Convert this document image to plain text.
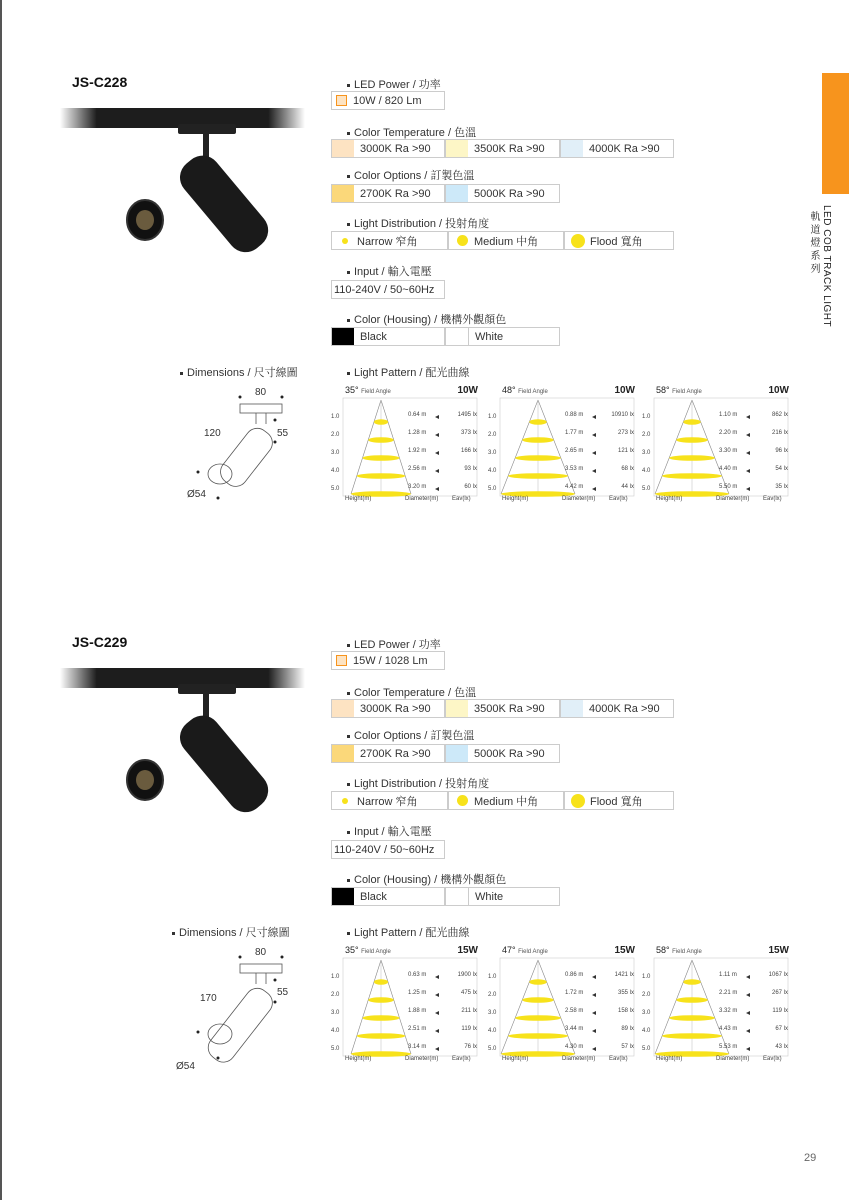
LED COB TRACK LIGHT
軌道燈系列
29
JS-C228	LED Power / 功率
10W / 820 Lm
Color Temperature / 色溫
3000K Ra >90	3500K Ra >90	4000K Ra >90
Color Options / 訂製色溫
2700K Ra >90	5000K Ra >90
Light Distribution / 投射角度
Narrow 窄角	Medium 中角	Flood 寬角
Input / 輸入電壓
110-240V / 50~60Hz
Color (Housing) / 機構外觀顏色
Black	White
Dimensions / 尺寸線圖
80
120	55
Ø54
Light Pattern / 配光曲線
35° Field Angle	10W
1.0	0.64 m	1495 lx
2.0	1.28 m	373 lx
3.0	1.92 m	166 lx
4.0	2.56 m	93 lx
5.0	3.20 m	60 lx
Height(m)	Diameter(m) Eav(lx)
48° Field Angle	10W
1.0	0.88 m	10910 lx
2.0	1.77 m	273 lx
3.0	2.65 m	121 lx
4.0	3.53 m	68 lx
5.0	4.42 m	44 lx
Height(m)	Diameter(m) Eav(lx)
58° Field Angle	10W
1.0	1.10 m	862 lx
2.0	2.20 m	216 lx
3.0	3.30 m	96 lx
4.0	4.40 m	54 lx
5.0	5.50 m	35 lx
Height(m)	Diameter(m) Eav(lx)
JS-C229	LED Power / 功率
15W / 1028 Lm
Color Temperature / 色溫
3000K Ra >90	3500K Ra >90	4000K Ra >90
Color Options / 訂製色溫
2700K Ra >90	5000K Ra >90
Light Distribution / 投射角度
Narrow 窄角	Medium 中角	Flood 寬角
Input / 輸入電壓
110-240V / 50~60Hz
Color (Housing) / 機構外觀顏色
Black	White
Dimensions / 尺寸線圖
80
170
55
Ø54
Light Pattern / 配光曲線
35° Field Angle	15W
1.0	0.63 m	1900 lx
2.0	1.25 m	475 lx
3.0	1.88 m	211 lx
4.0	2.51 m	119 lx
5.0	3.14 m	76 lx
Height(m)	Diameter(m) Eav(lx)
47° Field Angle	15W
1.0	0.86 m	1421 lx
2.0	1.72 m	355 lx
3.0	2.58 m	158 lx
4.0	3.44 m	89 lx
5.0	4.30 m	57 lx
Height(m)	Diameter(m) Eav(lx)
58° Field Angle	15W
1.0	1.11 m	1067 lx
2.0	2.21 m	267 lx
3.0	3.32 m	119 lx
4.0	4.43 m	67 lx
5.0	5.53 m	43 lx
Height(m)	Diameter(m) Eav(lx)
